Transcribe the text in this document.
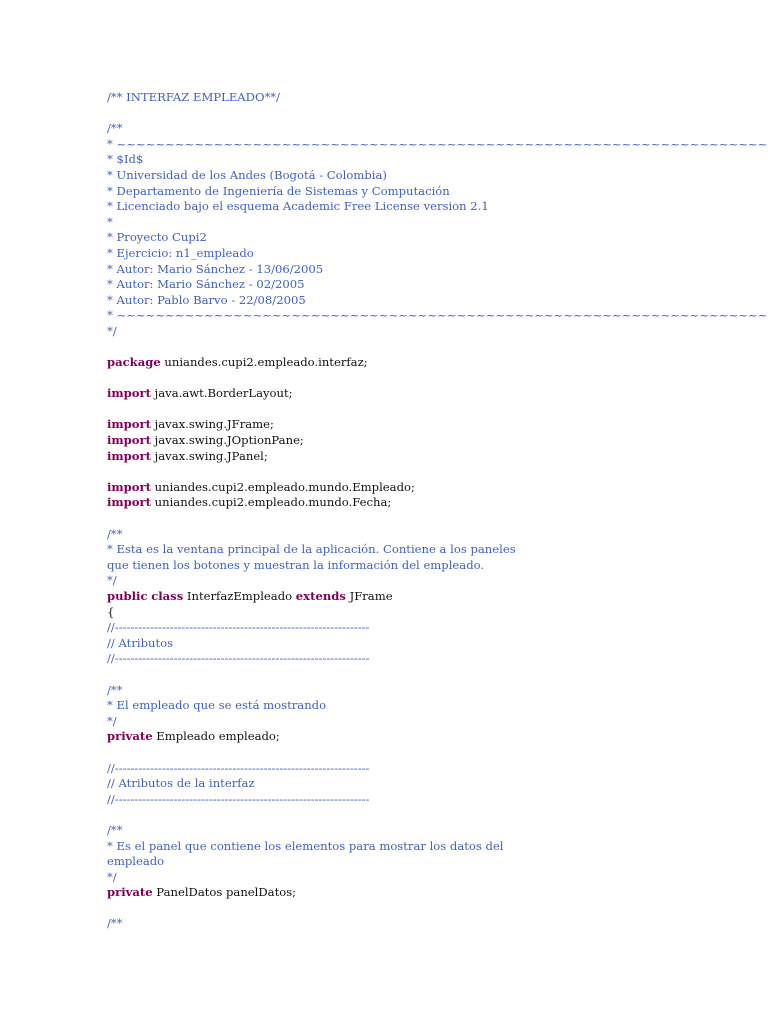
/** INTERFAZ EMPLEADO**/
/**
* ~~~~~~~~~~~~~~~~~~~~~~~~~~~~~~~~~~~~~~~~~~~~~~~~~~~~~~~~~~~~~~~~~~~
* $Id$
* Universidad de los Andes (Bogotá - Colombia)
* Departamento de Ingeniería de Sistemas y Computación
* Licenciado bajo el esquema Academic Free License version 2.1
*
* Proyecto Cupi2
* Ejercicio: n1_empleado
* Autor: Mario Sánchez - 13/06/2005
* Autor: Mario Sánchez - 02/2005
* Autor: Pablo Barvo - 22/08/2005
* ~~~~~~~~~~~~~~~~~~~~~~~~~~~~~~~~~~~~~~~~~~~~~~~~~~~~~~~~~~~~~~~~~~~
*/
package uniandes.cupi2.empleado.interfaz;
import java.awt.BorderLayout;
import javax.swing.JFrame;
import javax.swing.JOptionPane;
import javax.swing.JPanel;
import uniandes.cupi2.empleado.mundo.Empleado;
import uniandes.cupi2.empleado.mundo.Fecha;
/**
* Esta es la ventana principal de la aplicación. Contiene a los paneles
que tienen los botones y muestran la información del empleado.
*/
public class InterfazEmpleado extends JFrame
{
//-----------------------------------------------------------------
// Atributos
//-----------------------------------------------------------------
/**
* El empleado que se está mostrando
*/
private Empleado empleado;
//-----------------------------------------------------------------
// Atributos de la interfaz
//-----------------------------------------------------------------
/**
* Es el panel que contiene los elementos para mostrar los datos del
empleado
*/
private PanelDatos panelDatos;
/**
